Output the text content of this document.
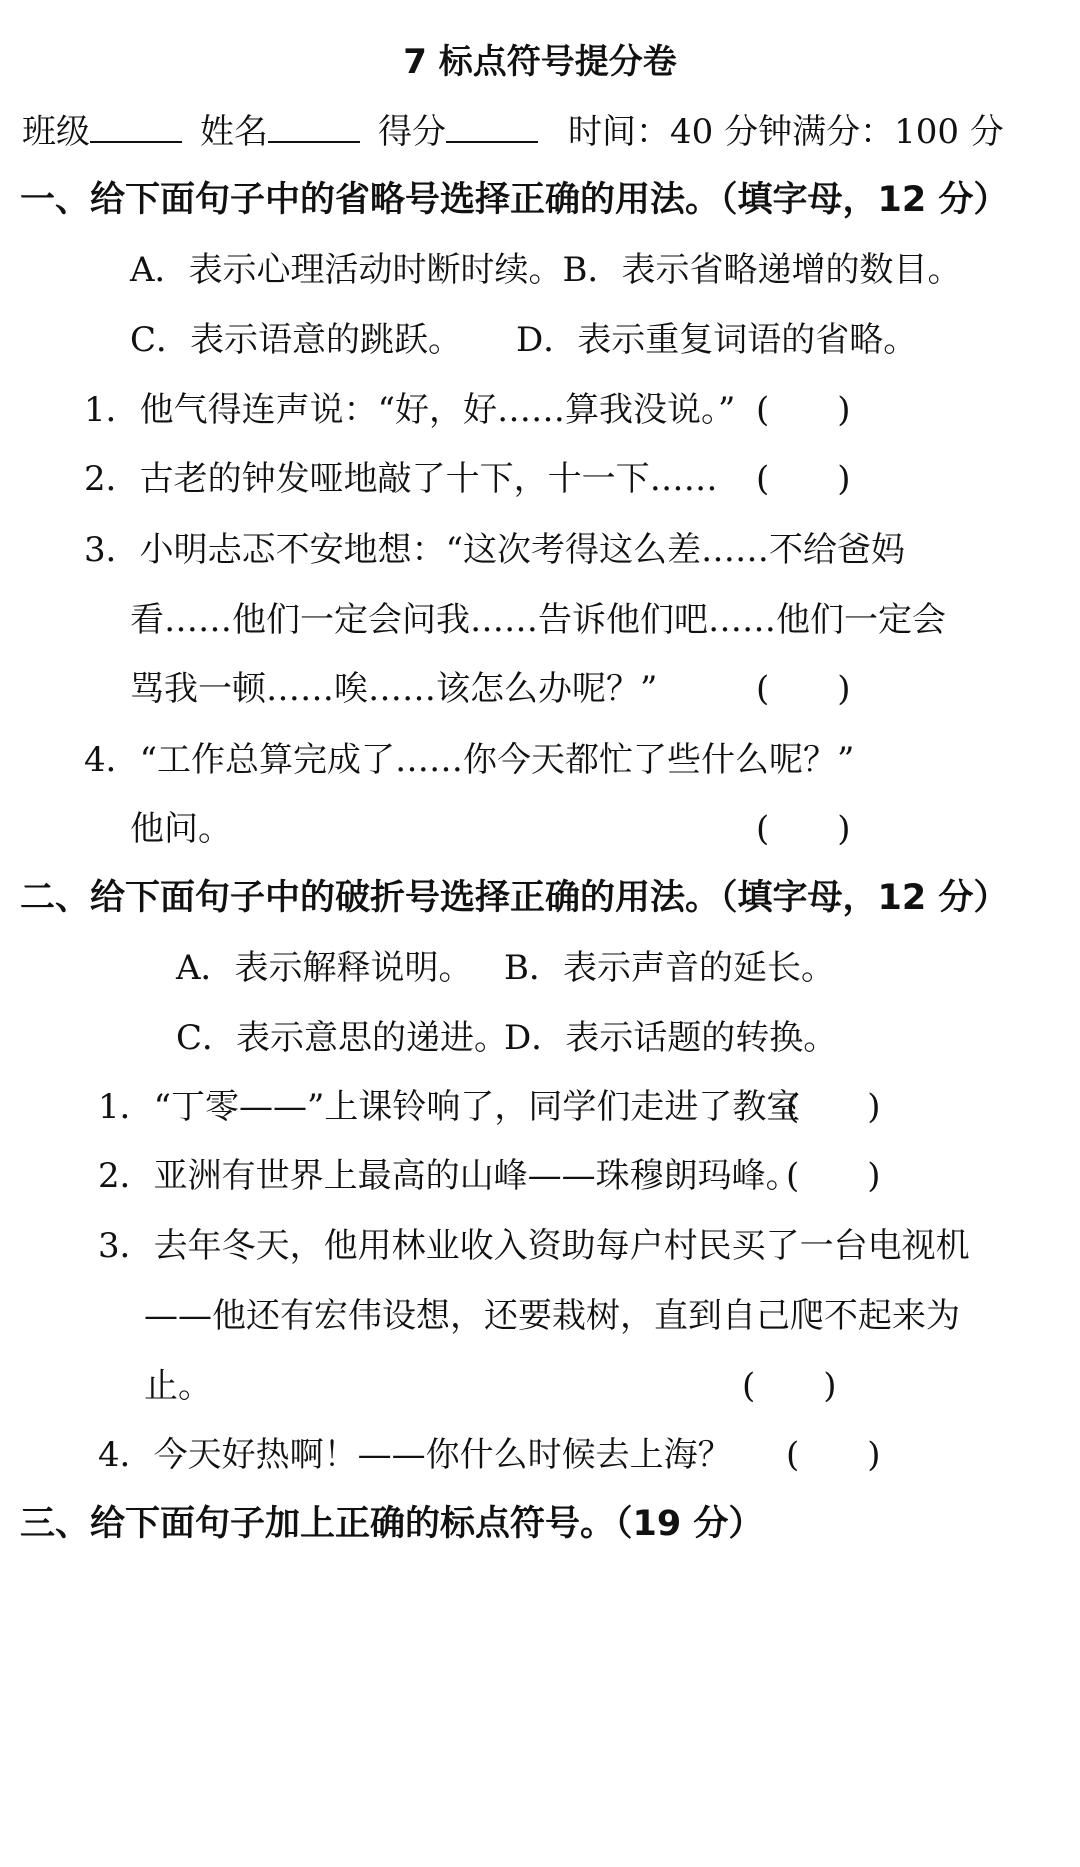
7 标点符号提分卷
班级	姓名	得分	时间：40 分钟满分：100 分
一、给下面句子中的省略号选择正确的用法。（填字母，12 分）
A．表示心理活动时断时续。B．表示省略递增的数目。
C．表示语意的跳跃。 D．表示重复词语的省略。
1．他气得连声说：“好，好……算我没说。” (　　)
2．古老的钟发哑地敲了十下，十一下…… (　　)
3．小明忐忑不安地想：“这次考得这么差……不给爸妈
看……他们一定会问我……告诉他们吧……他们一定会
骂我一顿……唉……该怎么办呢？”	(　　)
4．“工作总算完成了……你今天都忙了些什么呢？”
他问。	(　　)
二、给下面句子中的破折号选择正确的用法。（填字母，12 分）
A．表示解释说明。 B．表示声音的延长。
C．表示意思的递进。
D．表示话题的转换。
1．“丁零——”上课铃响了，同学们走进了教室
(　　)
2．亚洲有世界上最高的山峰——珠穆朗玛峰。
(　　)
3．去年冬天，他用林业收入资助每户村民买了一台电视机
——他还有宏伟设想，还要栽树，直到自己爬不起来为
止。	(　　)
4．今天好热啊！——你什么时候去上海？ (　　)
三、给下面句子加上正确的标点符号。（19 分）
